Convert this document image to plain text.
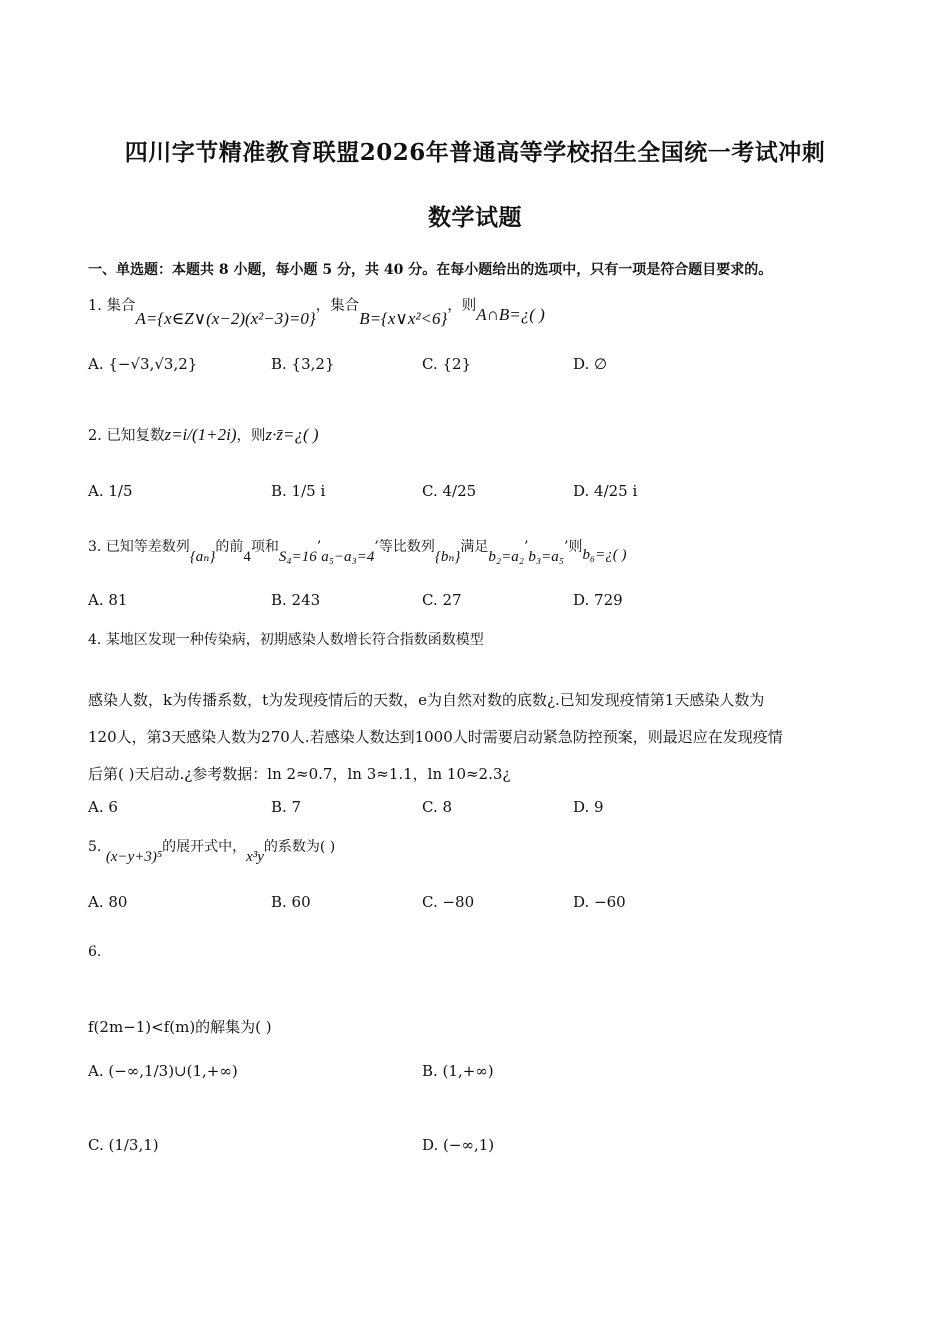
四川字节精准教育联盟2026年普通高等学校招生全国统一考试冲刺
数学试题
一、单选题：本题共 8 小题，每小题 5 分，共 40 分。在每小题给出的选项中，只有一项是符合题目要求的。
1. 集合A={x∈Z∨(x−2)(x²−3)=0}，集合B={x∨x²<6}，则A∩B=¿( )
A. {−√3,√3,2}	B. {3,2}	C. {2}	D. ∅
2. 已知复数z=i/(1+2i)，则z·z̄=¿( )
A. 1/5	B. 1/5 i	C. 4/25	D. 4/25 i
3. 已知等差数列{aₙ}的前4项和S₄=16’a₅−a₃=4’等比数列{bₙ}满足b₂=a₂’b₃=a₅’则b₆=¿( )
A. 81	B. 243	C. 27	D. 729
4. 某地区发现一种传染病，初期感染人数增长符合指数函数模型
感染人数，k为传播系数，t为发现疫情后的天数，e为自然对数的底数¿.已知发现疫情第1天感染人数为
120人，第3天感染人数为270人.若感染人数达到1000人时需要启动紧急防控预案，则最迟应在发现疫情
后第( )天启动.¿参考数据：ln 2≈0.7，ln 3≈1.1，ln 10≈2.3¿
A. 6	B. 7	C. 8	D. 9
5. (x−y+3)⁵的展开式中，x³y的系数为( )
A. 80	B. 60	C. −80	D. −60
6.
f(2m−1)<f(m)的解集为( )
A. (−∞,1/3)∪(1,+∞)	B. (1,+∞)
C. (1/3,1)	D. (−∞,1)
